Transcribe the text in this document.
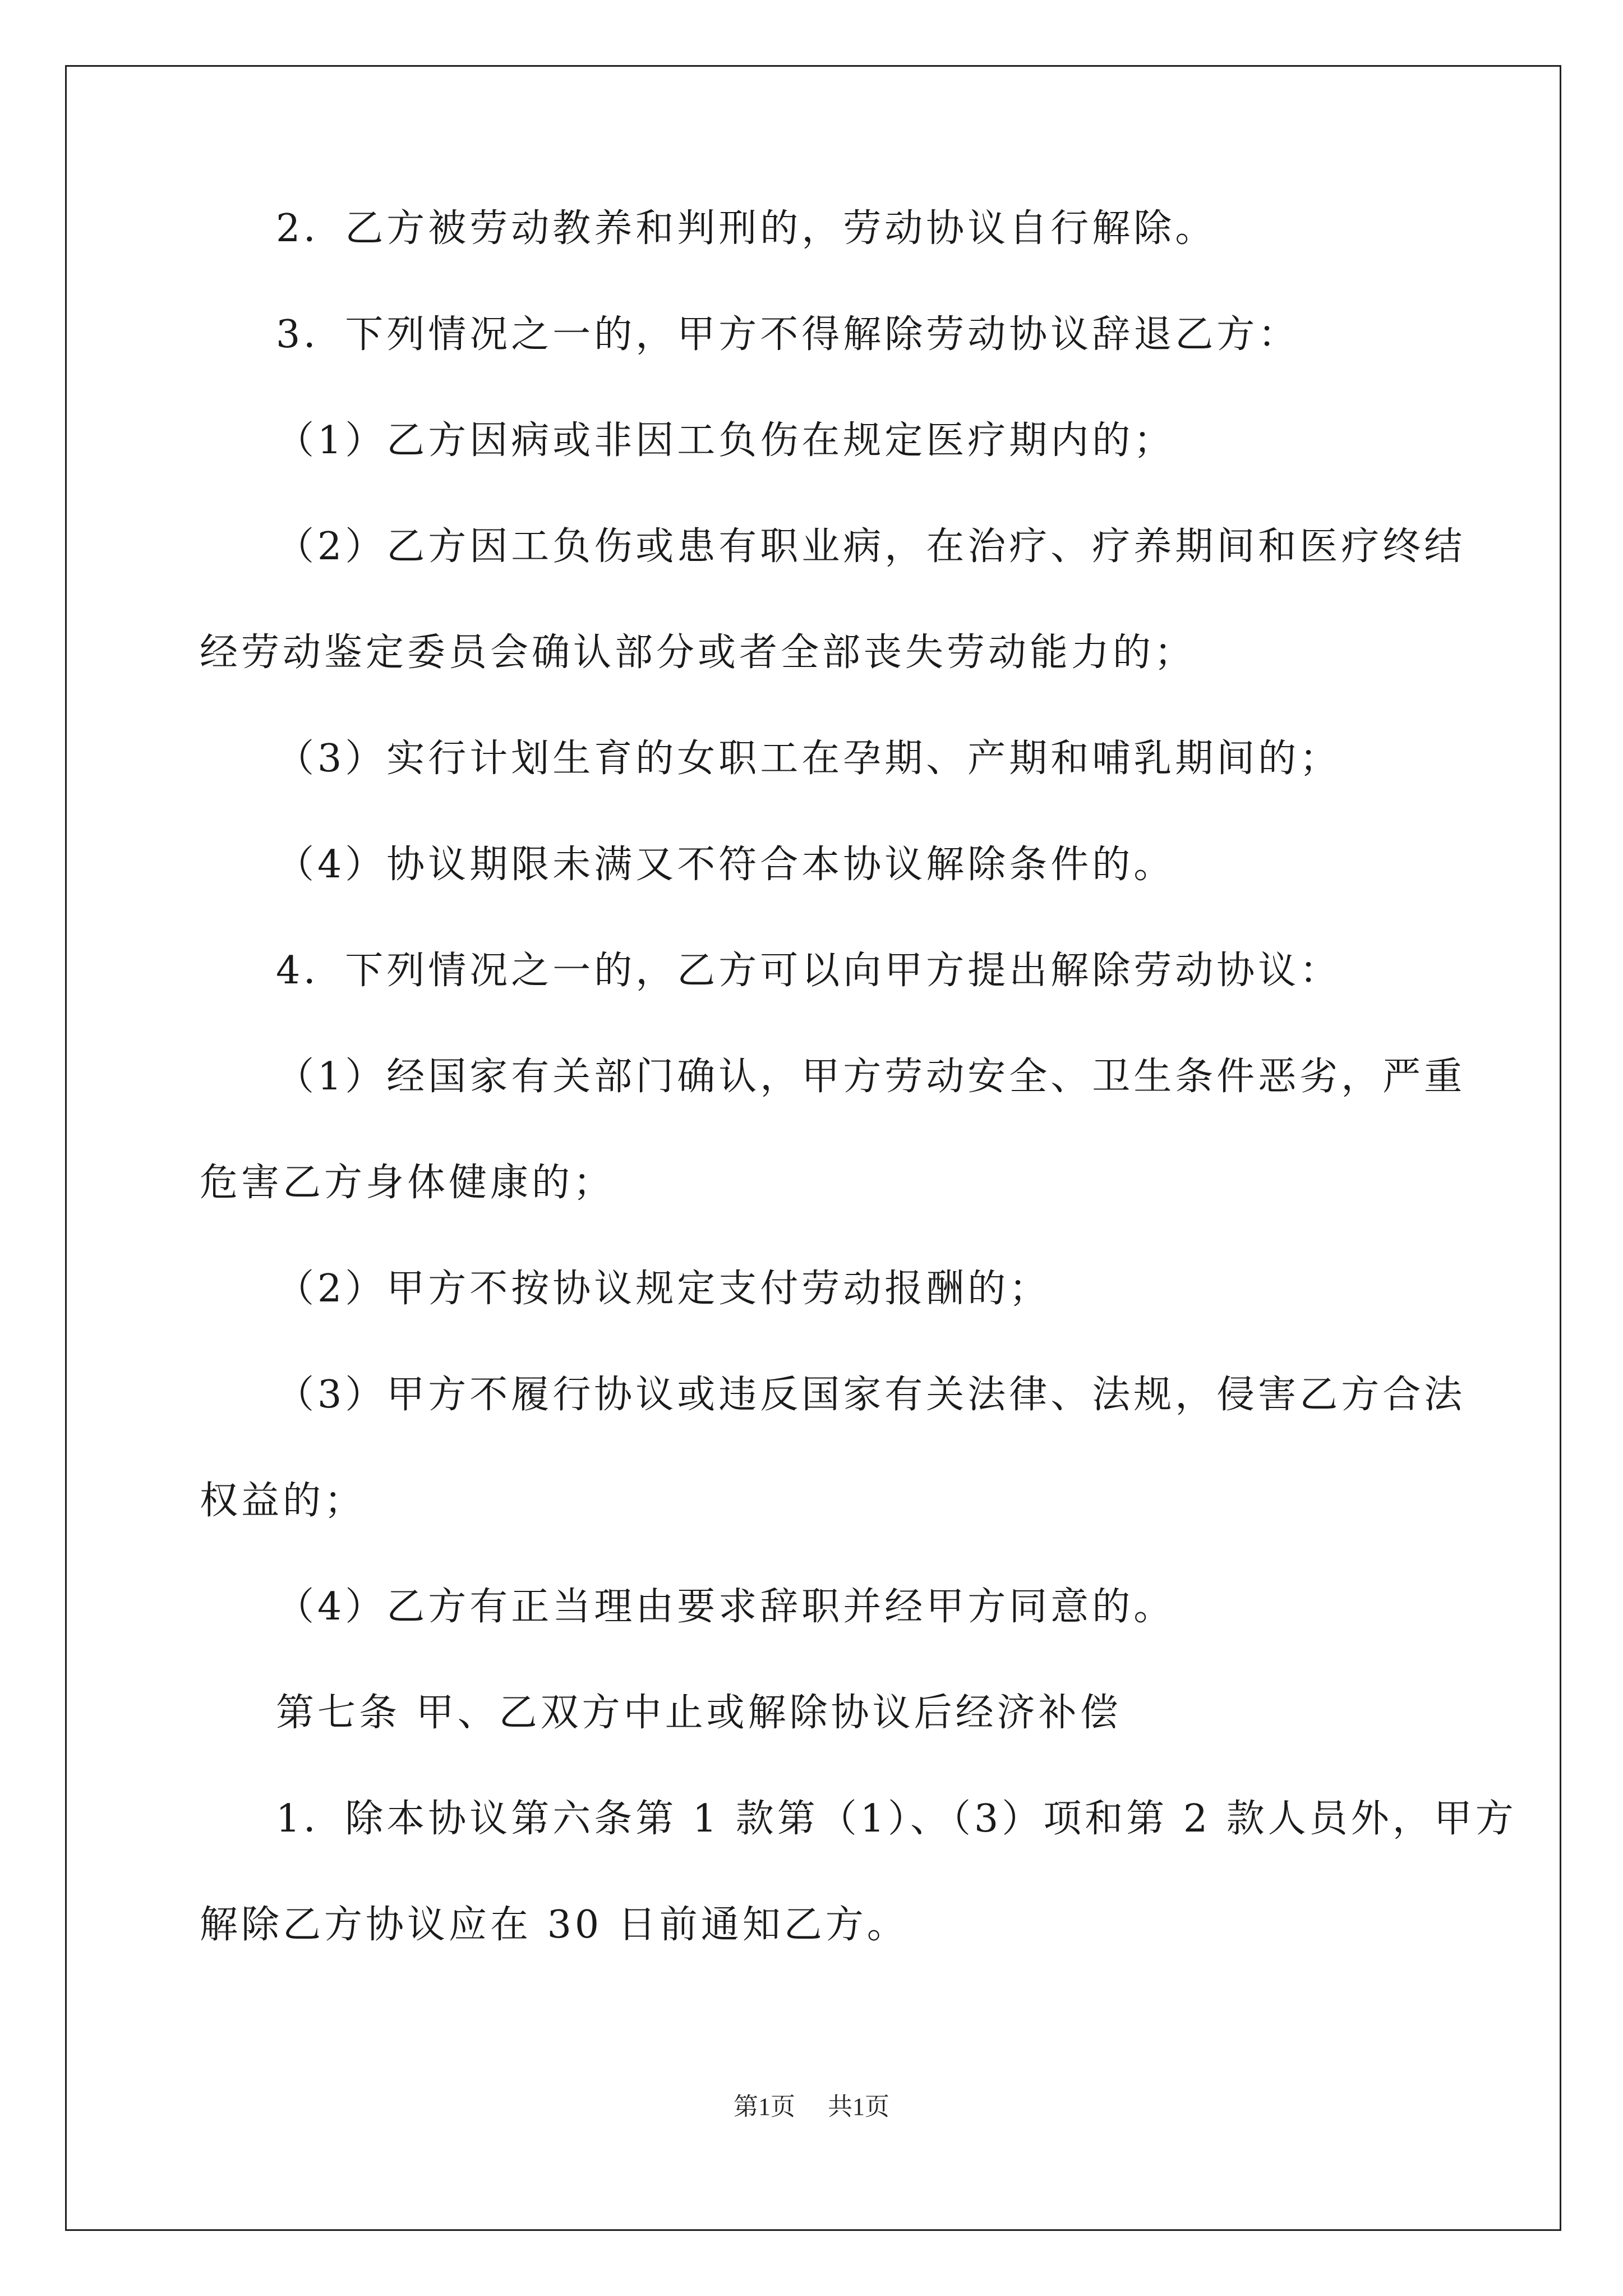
2．乙方被劳动教养和判刑的，劳动协议自行解除。

3．下列情况之一的，甲方不得解除劳动协议辞退乙方：

（1）乙方因病或非因工负伤在规定医疗期内的；

（2）乙方因工负伤或患有职业病，在治疗、疗养期间和医疗终结

经劳动鉴定委员会确认部分或者全部丧失劳动能力的；

（3）实行计划生育的女职工在孕期、产期和哺乳期间的；

（4）协议期限未满又不符合本协议解除条件的。

4．下列情况之一的，乙方可以向甲方提出解除劳动协议：

（1）经国家有关部门确认，甲方劳动安全、卫生条件恶劣，严重

危害乙方身体健康的；

（2）甲方不按协议规定支付劳动报酬的；

（3）甲方不履行协议或违反国家有关法律、法规，侵害乙方合法

权益的；

（4）乙方有正当理由要求辞职并经甲方同意的。

第七条 甲、乙双方中止或解除协议后经济补偿

1．除本协议第六条第 1 款第（1）、（3）项和第 2 款人员外，甲方

解除乙方协议应在 30 日前通知乙方。

第1页 共1页
